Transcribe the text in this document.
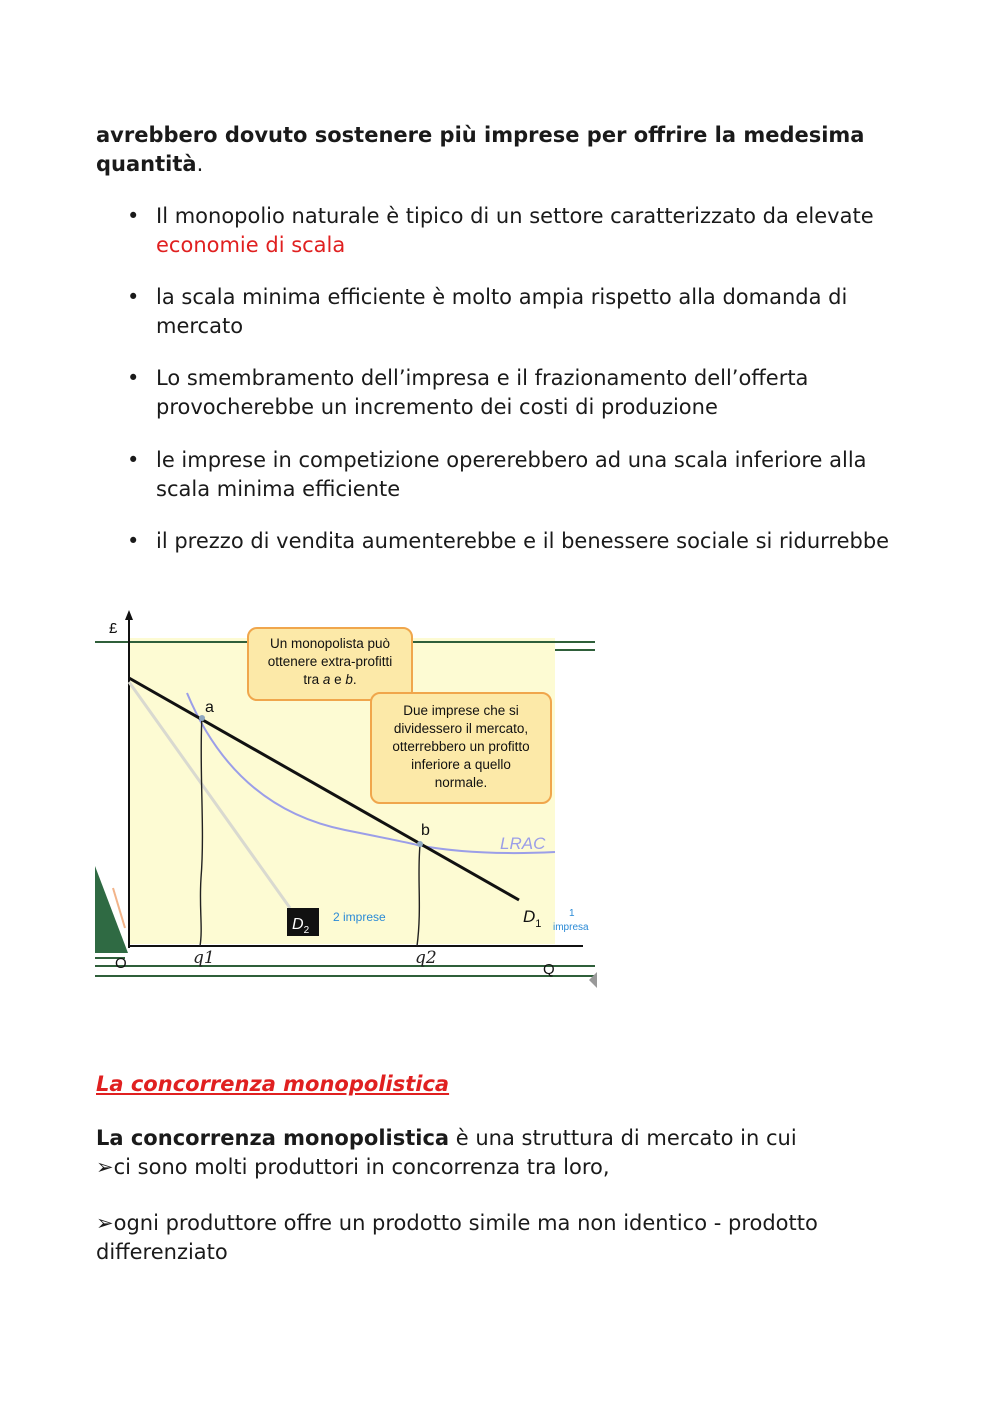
avrebbero dovuto sostenere più imprese per offrire la medesima quantità.
• Il monopolio naturale è tipico di un settore caratterizzato da elevate economie di scala
• la scala minima efficiente è molto ampia rispetto alla domanda di mercato
• Lo smembramento dell’impresa e il frazionamento dell’offerta provocherebbe un incremento dei costi di produzione
• le imprese in competizione opererebbero ad una scala inferiore alla scala minima efficiente
• il prezzo di vendita aumenterebbe e il benessere sociale si ridurrebbe
£
Q
O
a
b
LRAC
$D_1$
1
impresa
$D_2$
2 imprese
q1	q2
Un monopolista può
ottenere extra-profitti
tra a e b.
Due imprese che si
dividessero il mercato,
otterrebbero un profitto
inferiore a quello
normale.
La concorrenza monopolistica
La concorrenza monopolistica è una struttura di mercato in cui
➢ci sono molti produttori in concorrenza tra loro,
➢ogni produttore offre un prodotto simile ma non identico - prodotto differenziato
